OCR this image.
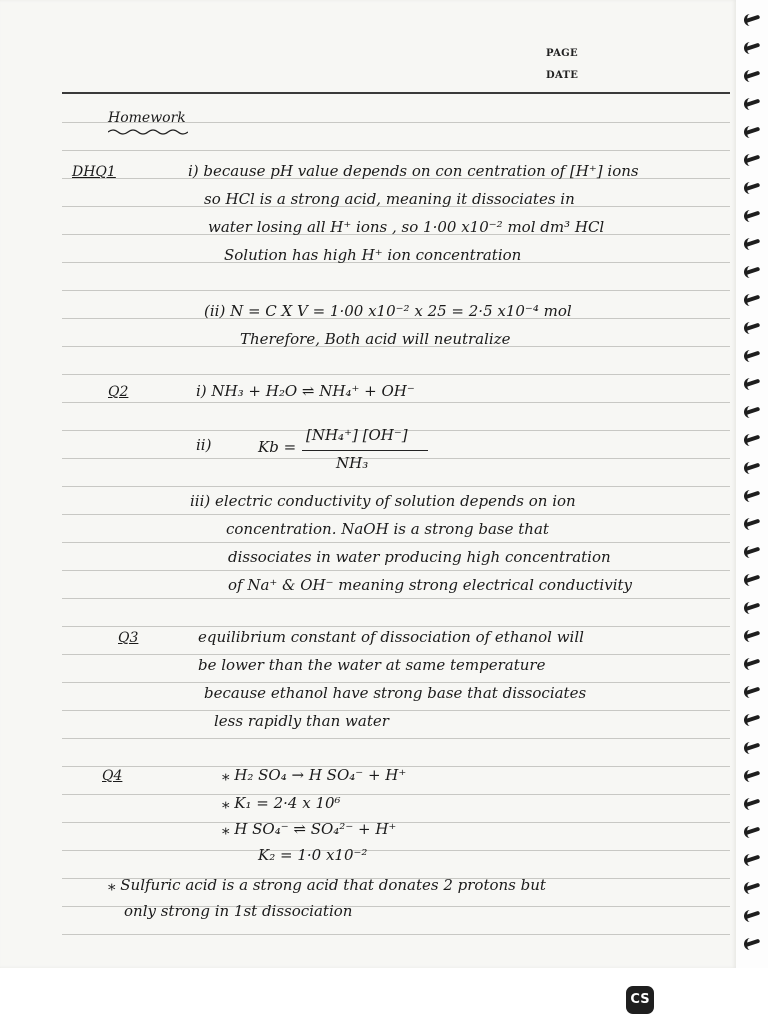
PAGE
DATE
Homework
DHQ1	i) because pH value depends on con centration of [H⁺] ions
so HCl is a strong acid, meaning it dissociates in
water losing all H⁺ ions , so 1·00 x10⁻² mol dm³ HCl
Solution has high H⁺ ion concentration
(ii) N = C X V = 1·00 x10⁻² x 25 = 2·5 x10⁻⁴ mol
Therefore, Both acid will neutralize
Q2	i) NH₃ + H₂O ⇌ NH₄⁺ + OH⁻
ii)	Kb =
[NH₄⁺] [OH⁻]
NH₃
iii) electric conductivity of solution depends on ion
concentration. NaOH is a strong base that
dissociates in water producing high concentration
of Na⁺ & OH⁻ meaning strong electrical conductivity
Q3	equilibrium constant of dissociation of ethanol will
be lower than the water at same temperature
because ethanol have strong base that dissociates
less rapidly than water
Q4	⁎ H₂ SO₄ → H SO₄⁻ + H⁺
⁎ K₁ = 2·4 x 10⁶
⁎ H SO₄⁻ ⇌ SO₄²⁻ + H⁺
K₂ = 1·0 x10⁻²
⁎ Sulfuric acid is a strong acid that donates 2 protons but
only strong in 1st dissociation
CS
